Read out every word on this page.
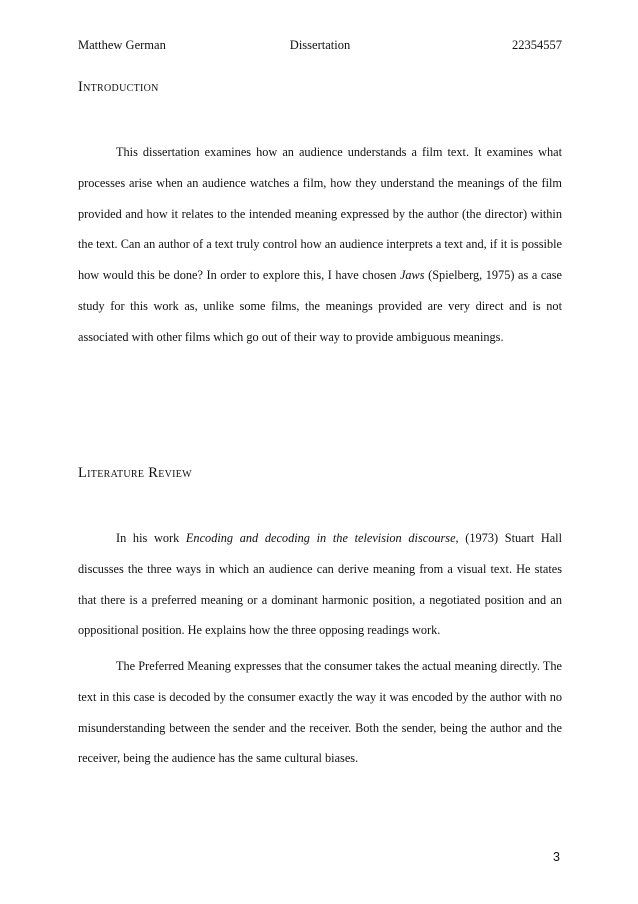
Matthew German	Dissertation	22354557
Introduction

This dissertation examines how an audience understands a film text. It examines what processes arise when an audience watches a film, how they understand the meanings of the film provided and how it relates to the intended meaning expressed by the author (the director) within the text. Can an author of a text truly control how an audience interprets a text and, if it is possible how would this be done? In order to explore this, I have chosen Jaws (Spielberg, 1975) as a case study for this work as, unlike some films, the meanings provided are very direct and is not associated with other films which go out of their way to provide ambiguous meanings.

Literature Review

In his work Encoding and decoding in the television discourse, (1973) Stuart Hall discusses the three ways in which an audience can derive meaning from a visual text. He states that there is a preferred meaning or a dominant harmonic position, a negotiated position and an oppositional position. He explains how the three opposing readings work.

The Preferred Meaning expresses that the consumer takes the actual meaning directly. The text in this case is decoded by the consumer exactly the way it was encoded by the author with no misunderstanding between the sender and the receiver. Both the sender, being the author and the receiver, being the audience has the same cultural biases.

3
